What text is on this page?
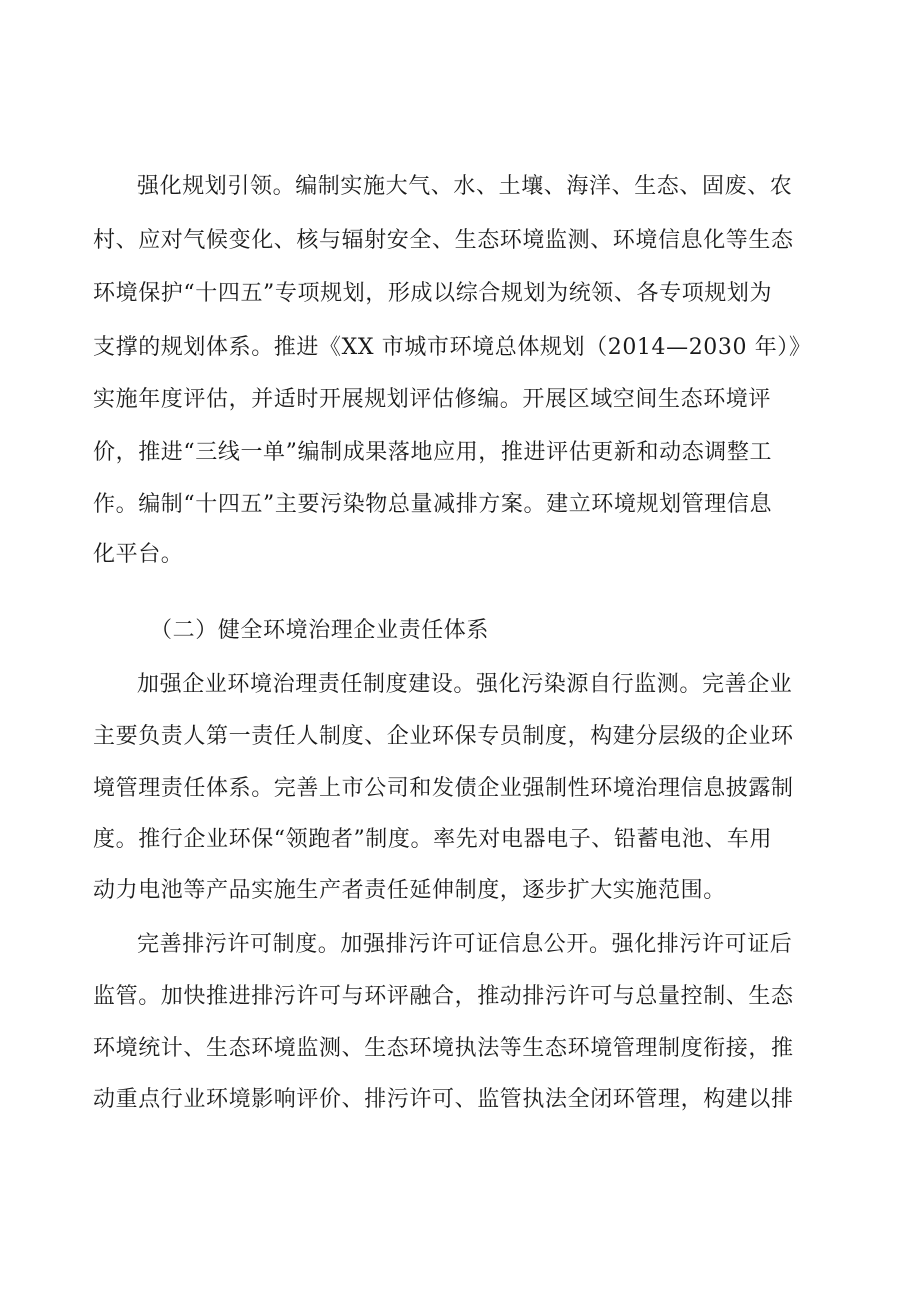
强化规划引领。编制实施大气、水、土壤、海洋、生态、固废、农
村、应对气候变化、核与辐射安全、生态环境监测、环境信息化等生态
环境保护“十四五”专项规划，形成以综合规划为统领、各专项规划为
支撑的规划体系。推进《XX 市城市环境总体规划（2014—2030 年）》
实施年度评估，并适时开展规划评估修编。开展区域空间生态环境评
价，推进“三线一单”编制成果落地应用，推进评估更新和动态调整工
作。编制“十四五”主要污染物总量减排方案。建立环境规划管理信息
化平台。
（二）健全环境治理企业责任体系
加强企业环境治理责任制度建设。强化污染源自行监测。完善企业
主要负责人第一责任人制度、企业环保专员制度，构建分层级的企业环
境管理责任体系。完善上市公司和发债企业强制性环境治理信息披露制
度。推行企业环保“领跑者”制度。率先对电器电子、铅蓄电池、车用
动力电池等产品实施生产者责任延伸制度，逐步扩大实施范围。
完善排污许可制度。加强排污许可证信息公开。强化排污许可证后
监管。加快推进排污许可与环评融合，推动排污许可与总量控制、生态
环境统计、生态环境监测、生态环境执法等生态环境管理制度衔接，推
动重点行业环境影响评价、排污许可、监管执法全闭环管理，构建以排
